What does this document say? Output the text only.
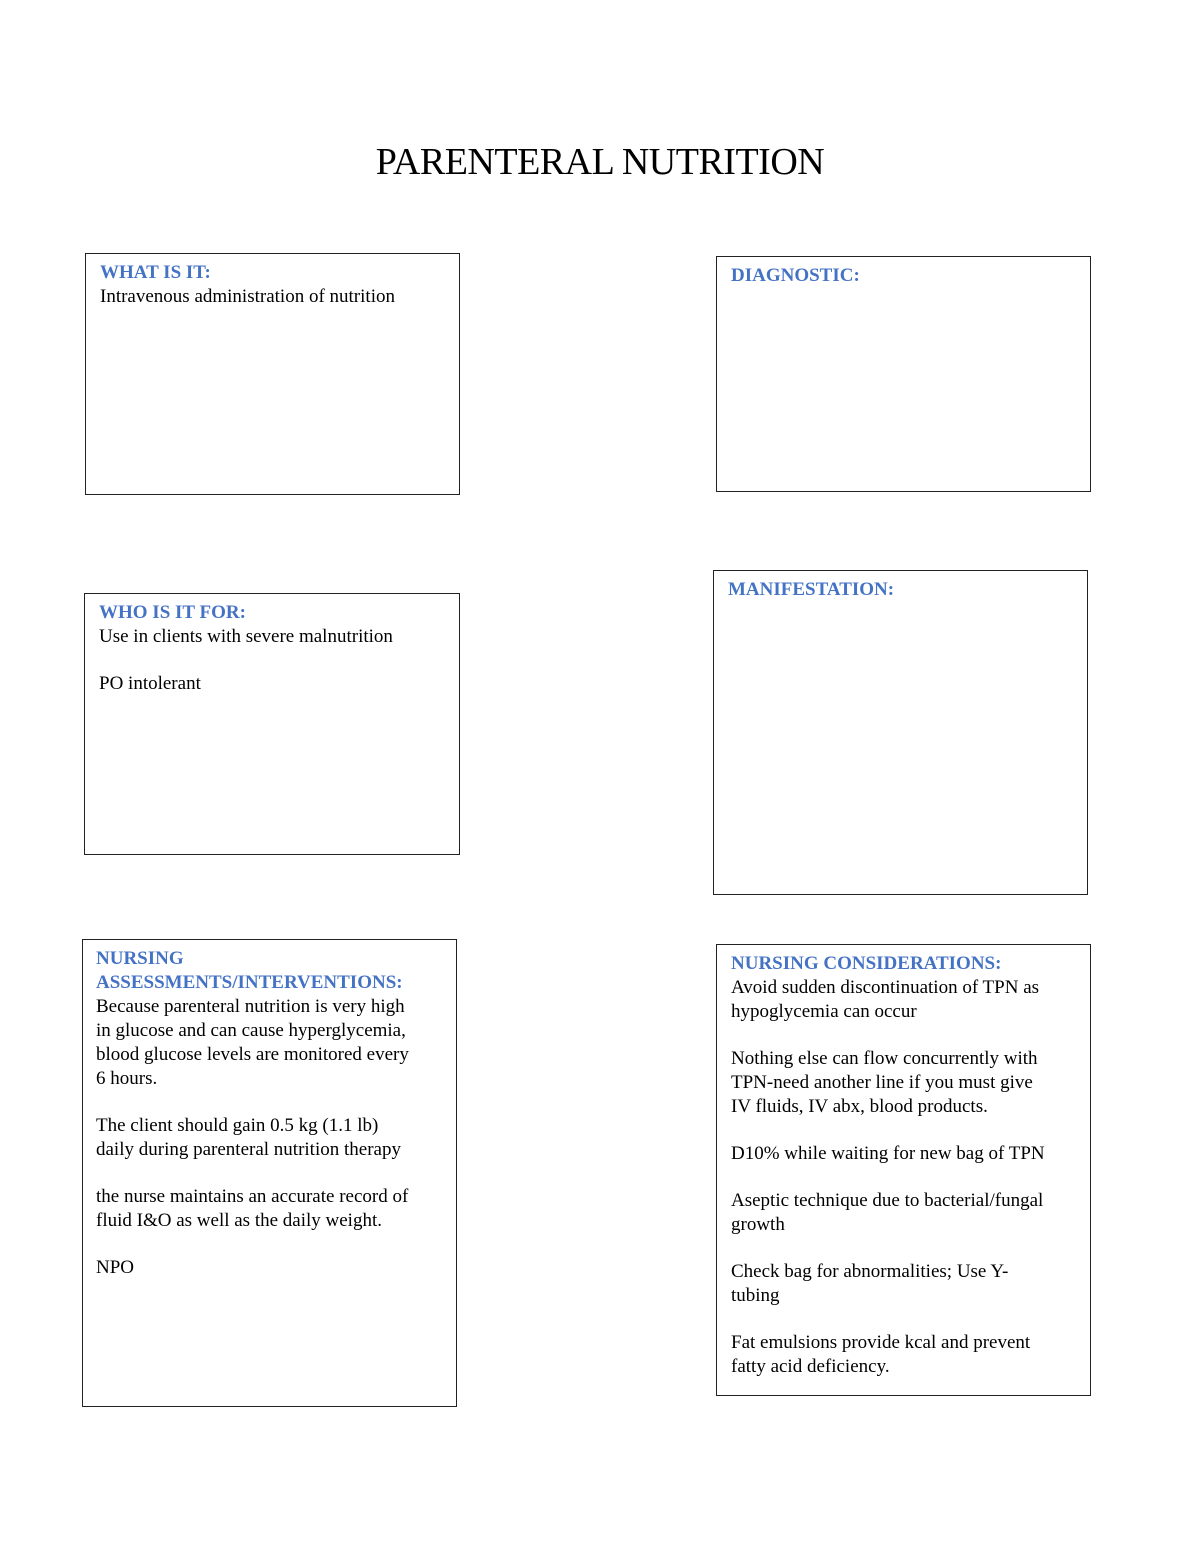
PARENTERAL NUTRITION

WHAT IS IT:

Intravenous administration of nutrition

DIAGNOSTIC:

WHO IS IT FOR:

Use in clients with severe malnutrition

PO intolerant

MANIFESTATION:

NURSING

ASSESSMENTS/INTERVENTIONS:

Because parenteral nutrition is very high

in glucose and can cause hyperglycemia,

blood glucose levels are monitored every

6 hours.

The client should gain 0.5 kg (1.1 lb)

daily during parenteral nutrition therapy

the nurse maintains an accurate record of

fluid I&O as well as the daily weight.

NPO

NURSING CONSIDERATIONS:

Avoid sudden discontinuation of TPN as

hypoglycemia can occur

Nothing else can flow concurrently with

TPN-need another line if you must give

IV fluids, IV abx, blood products.

D10% while waiting for new bag of TPN

Aseptic technique due to bacterial/fungal

growth

Check bag for abnormalities; Use Y-

tubing

Fat emulsions provide kcal and prevent

fatty acid deficiency.
